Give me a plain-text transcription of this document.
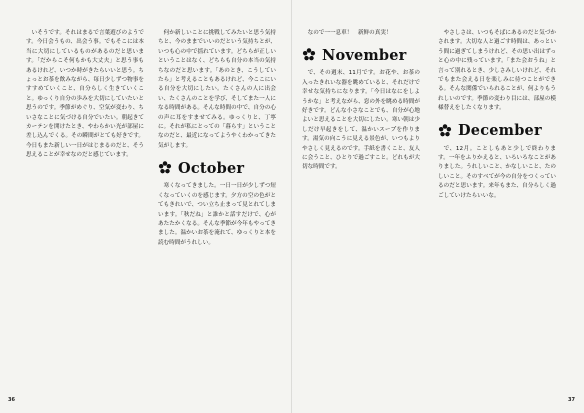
いそうです。それはまるで言葉遊びのようです。今日会うもの、出会う事。でもそこには本当に大切にしているものがあるのだと思います。「だからこそ何もかも大丈夫」と思う事もあるけれど、いつか時がきたらいいと思う。ちょっとお茶を飲みながら、毎日少しずつ物事をすすめていくこと、自分らしく生きていくこと。ゆっくり自分の歩みを大切にしていたいと思うのです。季節がめぐり、空気が変わり、ちいさなことに気づける自分でいたい。朝起きてカーテンを開けたとき、やわらかい光が部屋に差し込んでくる。その瞬間がとても好きです。今日もまた新しい一日がはじまるのだと、そう思えることが幸せなのだと感じています。

何か新しいことに挑戦してみたいと思う気持ちと、今のままでいいのだという気持ちとが、いつも心の中で揺れています。どちらが正しいということはなく、どちらも自分の本当の気持ちなのだと思います。「あのとき、こうしていたら」と考えることもあるけれど、今ここにいる自分を大切にしたい。たくさんの人に出会い、たくさんのことを学び、そしてまた一人になる時間がある。そんな時間の中で、自分の心の声に耳をすませてみる。ゆっくりと、丁寧に。それが私にとっての「暮らす」ということなのだと、最近になってようやくわかってきた気がします。

October

寒くなってきました。一日一日が少しずつ短くなっていくのを感じます。夕方の空の色がとてもきれいで、つい立ち止まって見とれてしまいます。「秋だね」と誰かと話すだけで、心があたたかくなる。そんな季節が今年もやってきました。温かいお茶を淹れて、ゆっくりと本を読む時間がうれしい。

36

なので一一息車！　新鮮の真実！

November

で、その週末、11月です。お花や、お茶の入ったきれいな器を眺めていると、それだけで幸せな気持ちになります。「今日はなにをしようかな」と考えながら、窓の外を眺める時間が好きです。どんな小さなことでも、自分が心地よいと思えることを大切にしたい。寒い朝は少しだけ早起きをして、温かいスープを作ります。湯気の向こうに見える景色が、いつもよりやさしく見えるのです。手紙を書くこと、友人に会うこと、ひとりで過ごすこと。どれもが大切な時間です。

やさしさは、いつもそばにあるのだと気づかされます。大切な人と過ごす時間は、あっという間に過ぎてしまうけれど、その思い出はずっと心の中に残っています。「また会おうね」と言って別れるとき、少しさみしいけれど、それでもまた会える日を楽しみに待つことができる。そんな関係でいられることが、何よりもうれしいのです。季節の変わり目には、部屋の模様替えをしたくなります。

December

で、12月。ことしもあと少しで終わります。一年をふりかえると、いろいろなことがありました。うれしいこと、かなしいこと、たのしいこと。そのすべてが今の自分をつくっているのだと思います。来年もまた、自分らしく過ごしていけたらいいな。

37
